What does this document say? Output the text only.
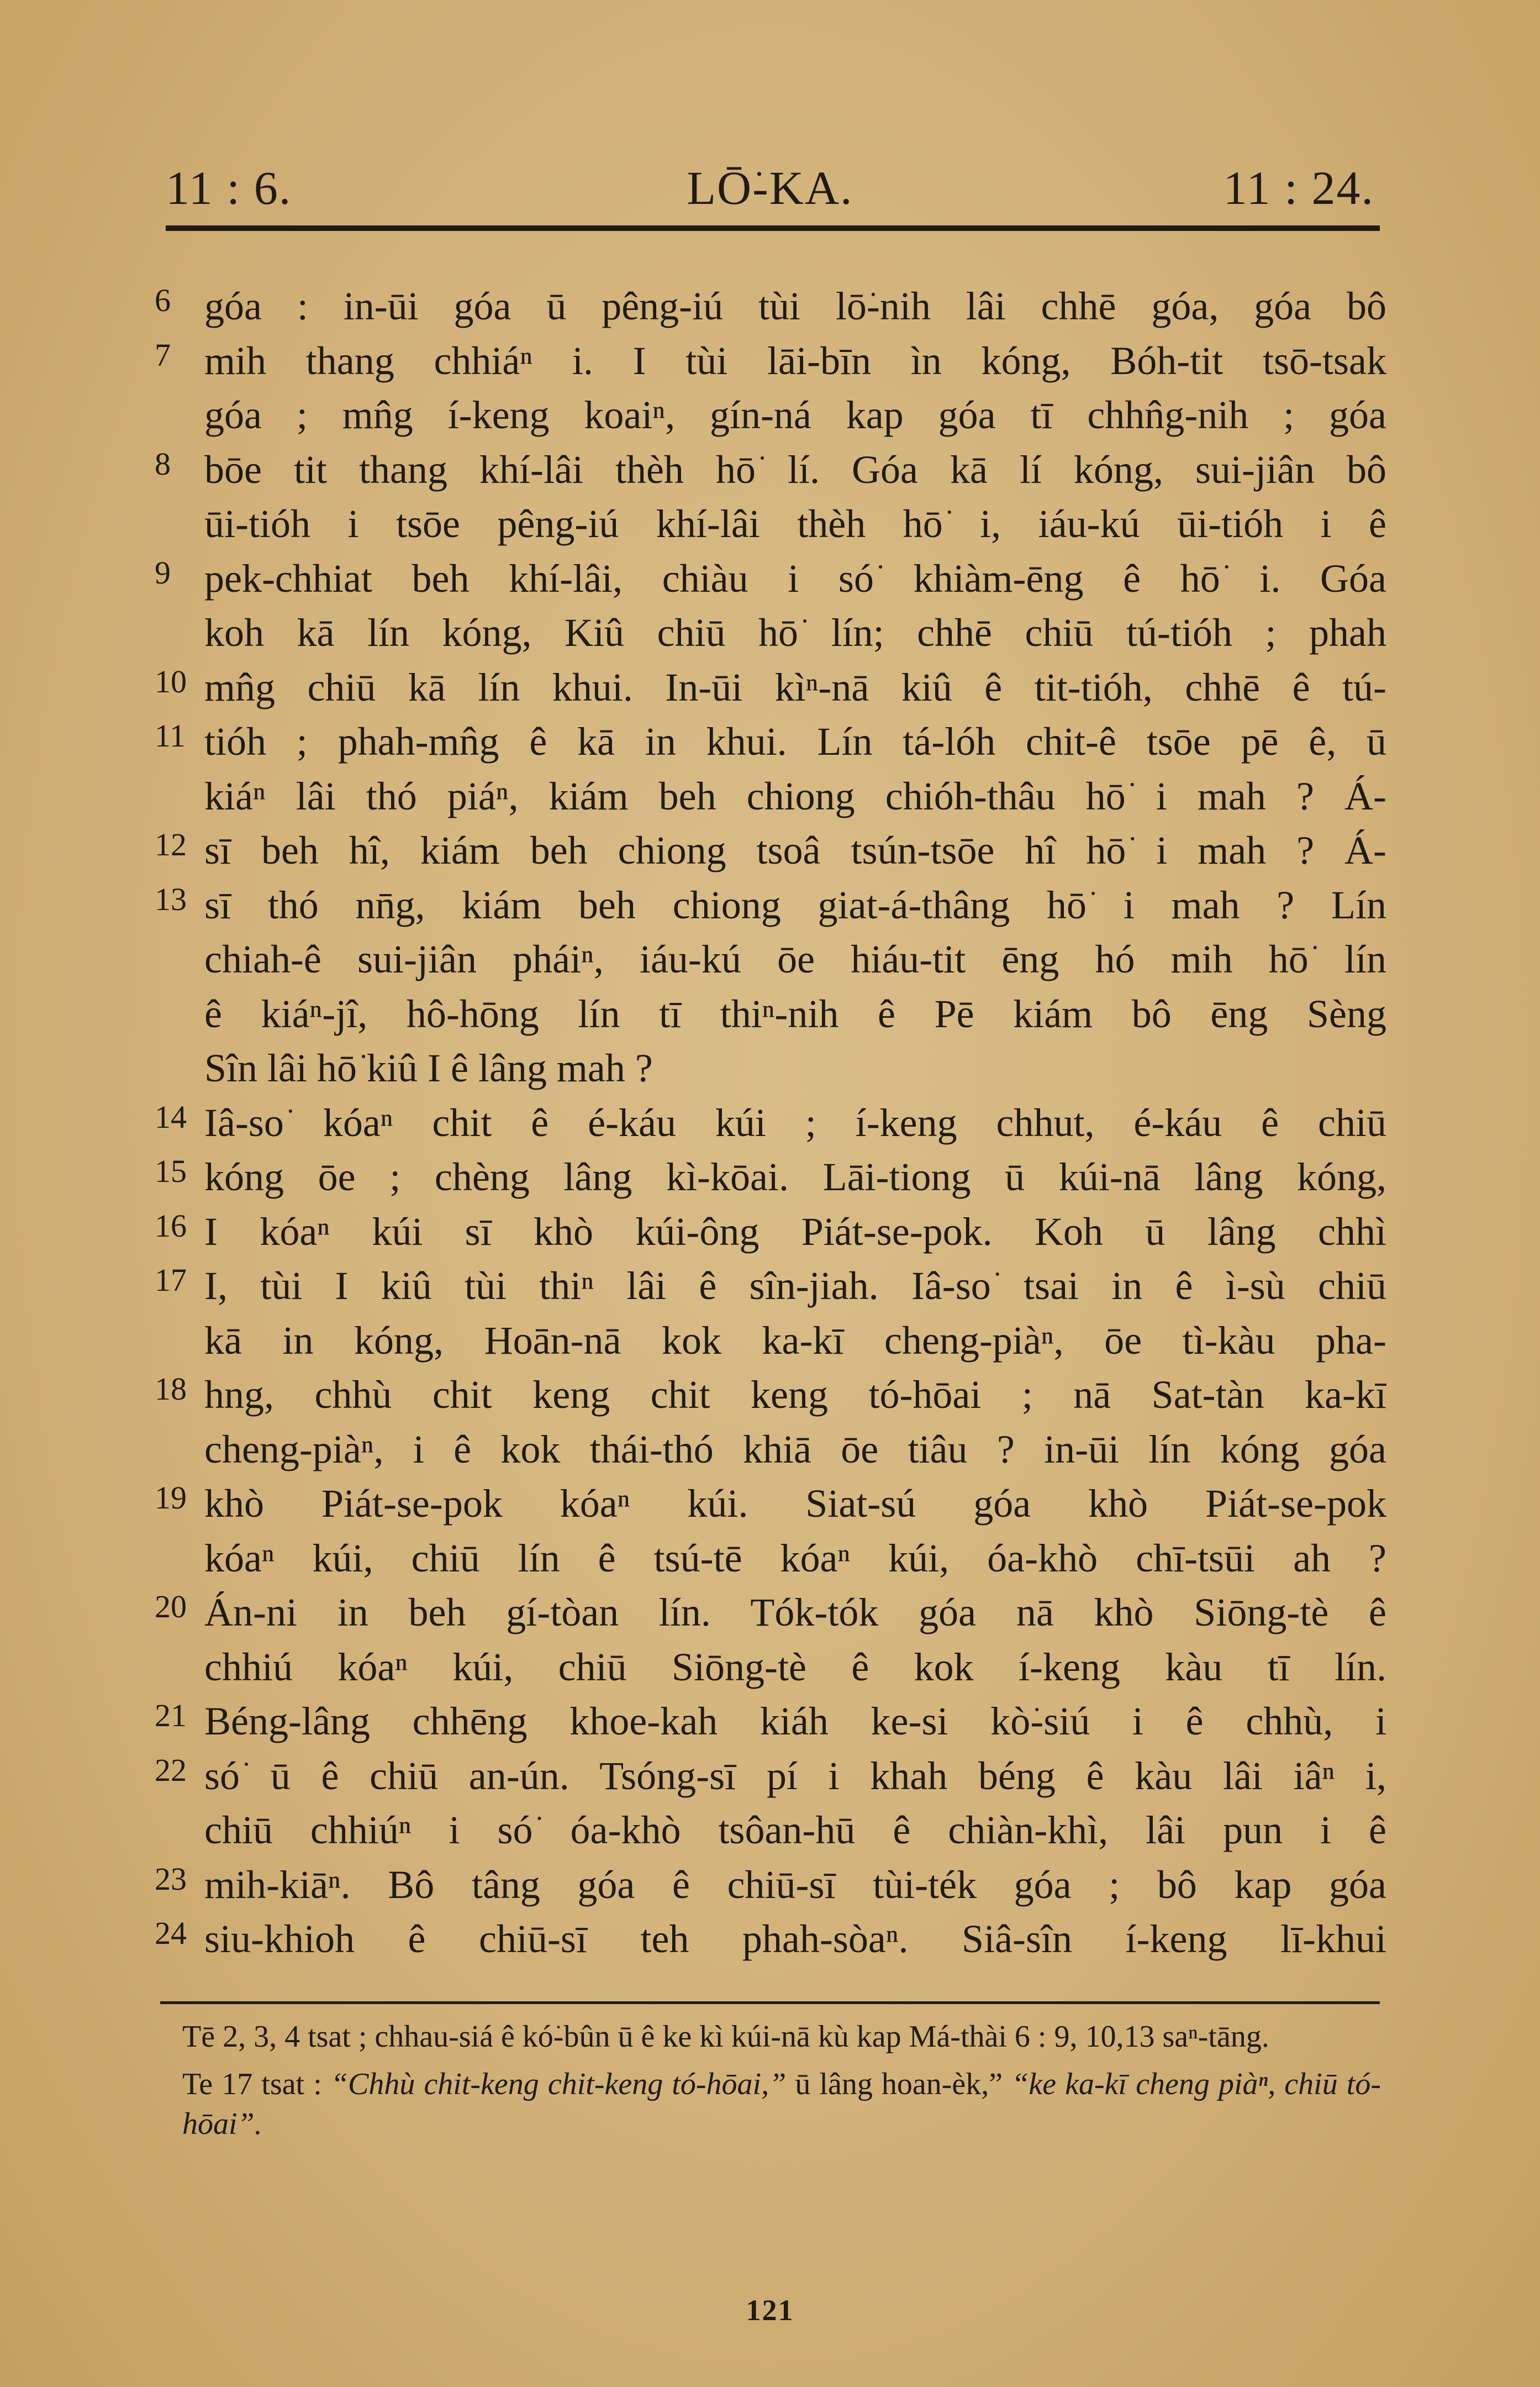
11 : 6.	LŌ͘-KA.	11 : 24.
6 góa : in-ūi góa ū pêng-iú tùi lō͘-nih lâi chhē góa, góa bô
7 mih thang chhiáⁿ i. I tùi lāi-bīn ìn kóng, Bóh-tit tsō-tsak
góa ; mn̂g í-keng koaiⁿ, gín-ná kap góa tī chhn̂g-nih ; góa
8 bōe tit thang khí-lâi thèh hō͘ lí. Góa kā lí kóng, sui-jiân bô
ūi-tióh i tsōe pêng-iú khí-lâi thèh hō͘ i, iáu-kú ūi-tióh i ê
9 pek-chhiat beh khí-lâi, chiàu i só͘ khiàm-ēng ê hō͘ i. Góa
koh kā lín kóng, Kiû chiū hō͘ lín; chhē chiū tú-tióh ; phah
10 mn̂g chiū kā lín khui. In-ūi kìⁿ-nā kiû ê tit-tióh, chhē ê tú-
11 tióh ; phah-mn̂g ê kā in khui. Lín tá-lóh chit-ê tsōe pē ê, ū
kiáⁿ lâi thó piáⁿ, kiám beh chiong chióh-thâu hō͘ i mah ? Á-
12 sī beh hî, kiám beh chiong tsoâ tsún-tsōe hî hō͘ i mah ? Á-
13 sī thó nn̄g, kiám beh chiong giat-á-thâng hō͘ i mah ? Lín
chiah-ê sui-jiân pháiⁿ, iáu-kú ōe hiáu-tit ēng hó mih hō͘ lín
ê kiáⁿ-jî, hô-hōng lín tī thiⁿ-nih ê Pē kiám bô ēng Sèng
Sîn lâi hō͘ kiû I ê lâng mah ?
14 Iâ-so͘ kóaⁿ chit ê é-káu kúi ; í-keng chhut, é-káu ê chiū
15 kóng ōe ; chèng lâng kì-kōai. Lāi-tiong ū kúi-nā lâng kóng,
16 I kóaⁿ kúi sī khò kúi-ông Piát-se-pok. Koh ū lâng chhì
17 I, tùi I kiû tùi thiⁿ lâi ê sîn-jiah. Iâ-so͘ tsai in ê ì-sù chiū
kā in kóng, Hoān-nā kok ka-kī cheng-piàⁿ, ōe tì-kàu pha-
18 hng, chhù chit keng chit keng tó-hōai ; nā Sat-tàn ka-kī
cheng-piàⁿ, i ê kok thái-thó khiā ōe tiâu ? in-ūi lín kóng góa
19 khò Piát-se-pok kóaⁿ kúi. Siat-sú góa khò Piát-se-pok
kóaⁿ kúi, chiū lín ê tsú-tē kóaⁿ kúi, óa-khò chī-tsūi ah ?
20 Án-ni in beh gí-tòan lín. Tók-tók góa nā khò Siōng-tè ê
chhiú kóaⁿ kúi, chiū Siōng-tè ê kok í-keng kàu tī lín.
21 Béng-lâng chhēng khoe-kah kiáh ke-si kò͘-siú i ê chhù, i
22 só͘ ū ê chiū an-ún. Tsóng-sī pí i khah béng ê kàu lâi iâⁿ i,
chiū chhiúⁿ i só͘ óa-khò tsôan-hū ê chiàn-khì, lâi pun i ê
23 mih-kiāⁿ. Bô tâng góa ê chiū-sī tùi-ték góa ; bô kap góa
24 siu-khioh ê chiū-sī teh phah-sòaⁿ. Siâ-sîn í-keng lī-khui
Tē 2, 3, 4 tsat ; chhau-siá ê kó͘-bûn ū ê ke kì kúi-nā kù kap Má-thài 6 : 9, 10,13 saⁿ-tāng.
Te 17 tsat : “Chhù chit-keng chit-keng tó-hōai,” ū lâng hoan-èk,” “ke ka-kī cheng piàⁿ, chiū tó-hōai”.
121
